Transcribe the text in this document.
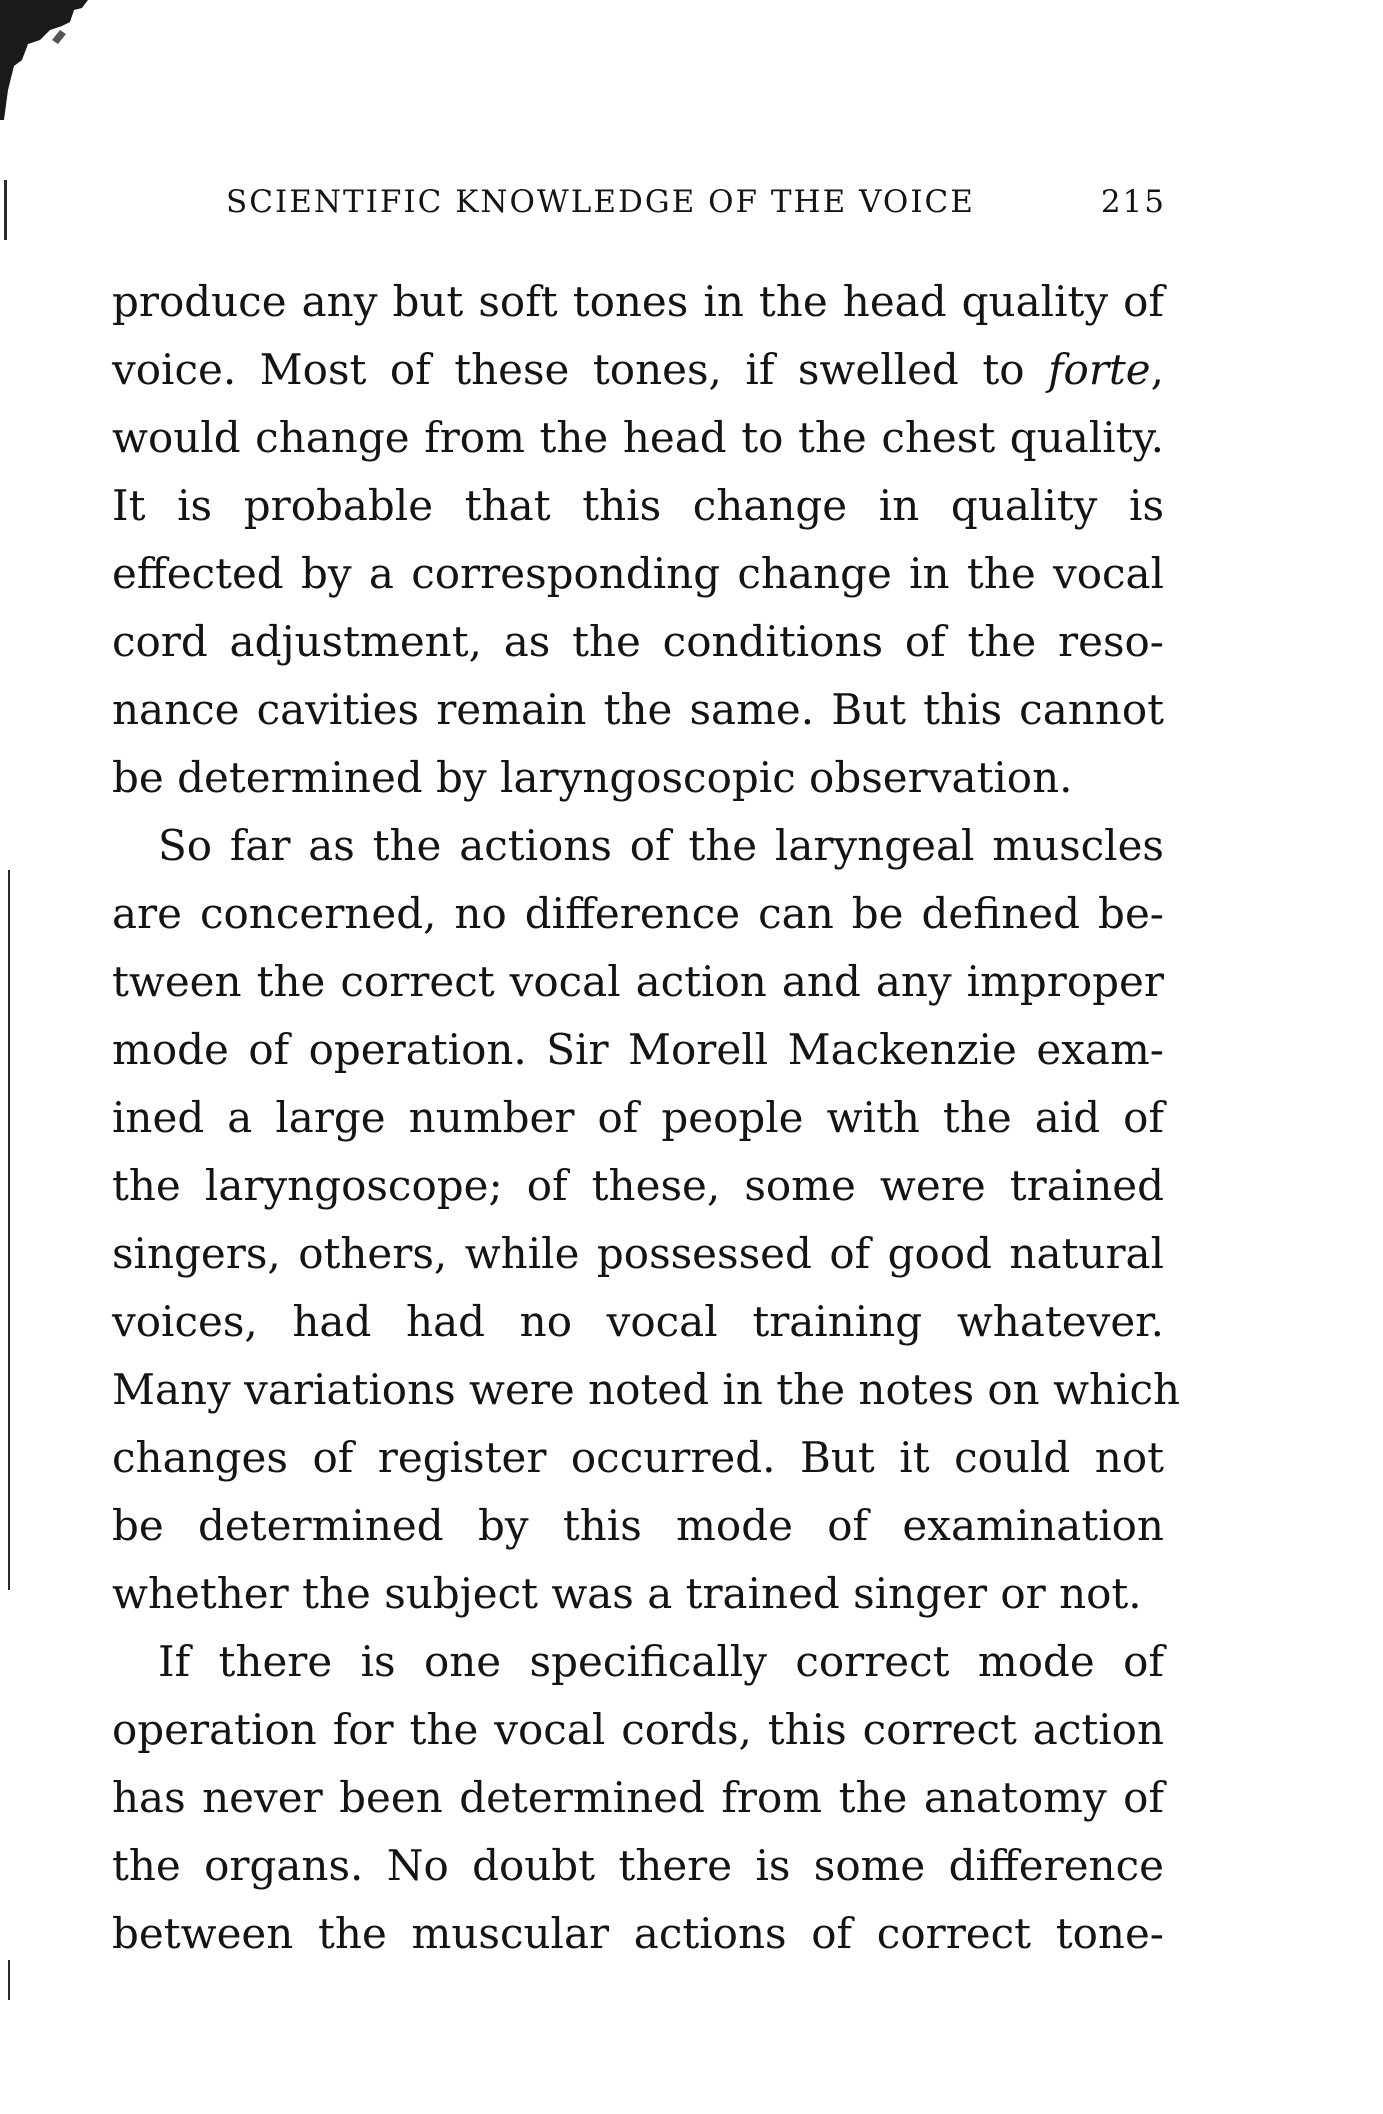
SCIENTIFIC KNOWLEDGE OF THE VOICE	215

produce any but soft tones in the head quality of
voice. Most of these tones, if swelled to forte,
would change from the head to the chest quality.
It is probable that this change in quality is
effected by a corresponding change in the vocal
cord adjustment, as the conditions of the reso-
nance cavities remain the same. But this cannot
be determined by laryngoscopic observation.

So far as the actions of the laryngeal muscles
are concerned, no difference can be defined be-
tween the correct vocal action and any improper
mode of operation. Sir Morell Mackenzie exam-
ined a large number of people with the aid of
the laryngoscope; of these, some were trained
singers, others, while possessed of good natural
voices, had had no vocal training whatever.
Many variations were noted in the notes on which
changes of register occurred. But it could not
be determined by this mode of examination
whether the subject was a trained singer or not.

If there is one specifically correct mode of
operation for the vocal cords, this correct action
has never been determined from the anatomy of
the organs. No doubt there is some difference
between the muscular actions of correct tone-
